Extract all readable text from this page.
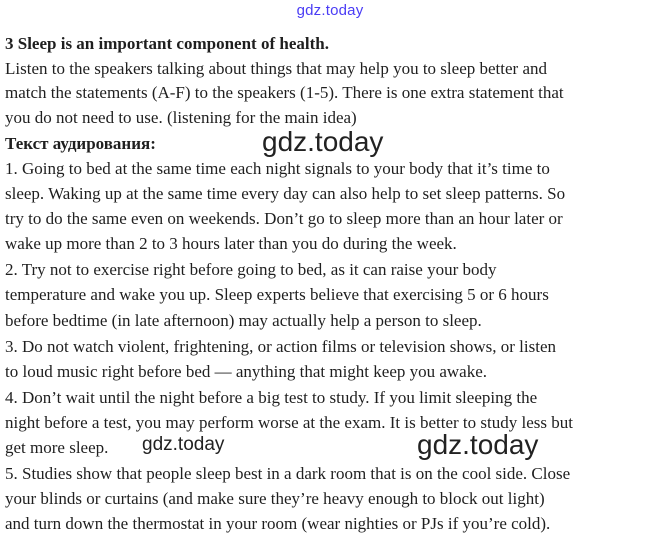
gdz.today
3 Sleep is an important component of health.
Listen to the speakers talking about things that may help you to sleep better and
match the statements (A-F) to the speakers (1-5). There is one extra statement that
you do not need to use. (listening for the main idea)
Текст аудирования:	gdz.today
1. Going to bed at the same time each night signals to your body that it’s time to
sleep. Waking up at the same time every day can also help to set sleep patterns. So
try to do the same even on weekends. Don’t go to sleep more than an hour later or
wake up more than 2 to 3 hours later than you do during the week.
2. Try not to exercise right before going to bed, as it can raise your body
temperature and wake you up. Sleep experts believe that exercising 5 or 6 hours
before bedtime (in late afternoon) may actually help a person to sleep.
3. Do not watch violent, frightening, or action films or television shows, or listen
to loud music right before bed — anything that might keep you awake.
4. Don’t wait until the night before a big test to study. If you limit sleeping the
night before a test, you may perform worse at the exam. It is better to study less but
get more sleep. gdz.today	gdz.today
5. Studies show that people sleep best in a dark room that is on the cool side. Close
your blinds or curtains (and make sure they’re heavy enough to block out light)
and turn down the thermostat in your room (wear nighties or PJs if you’re cold).
